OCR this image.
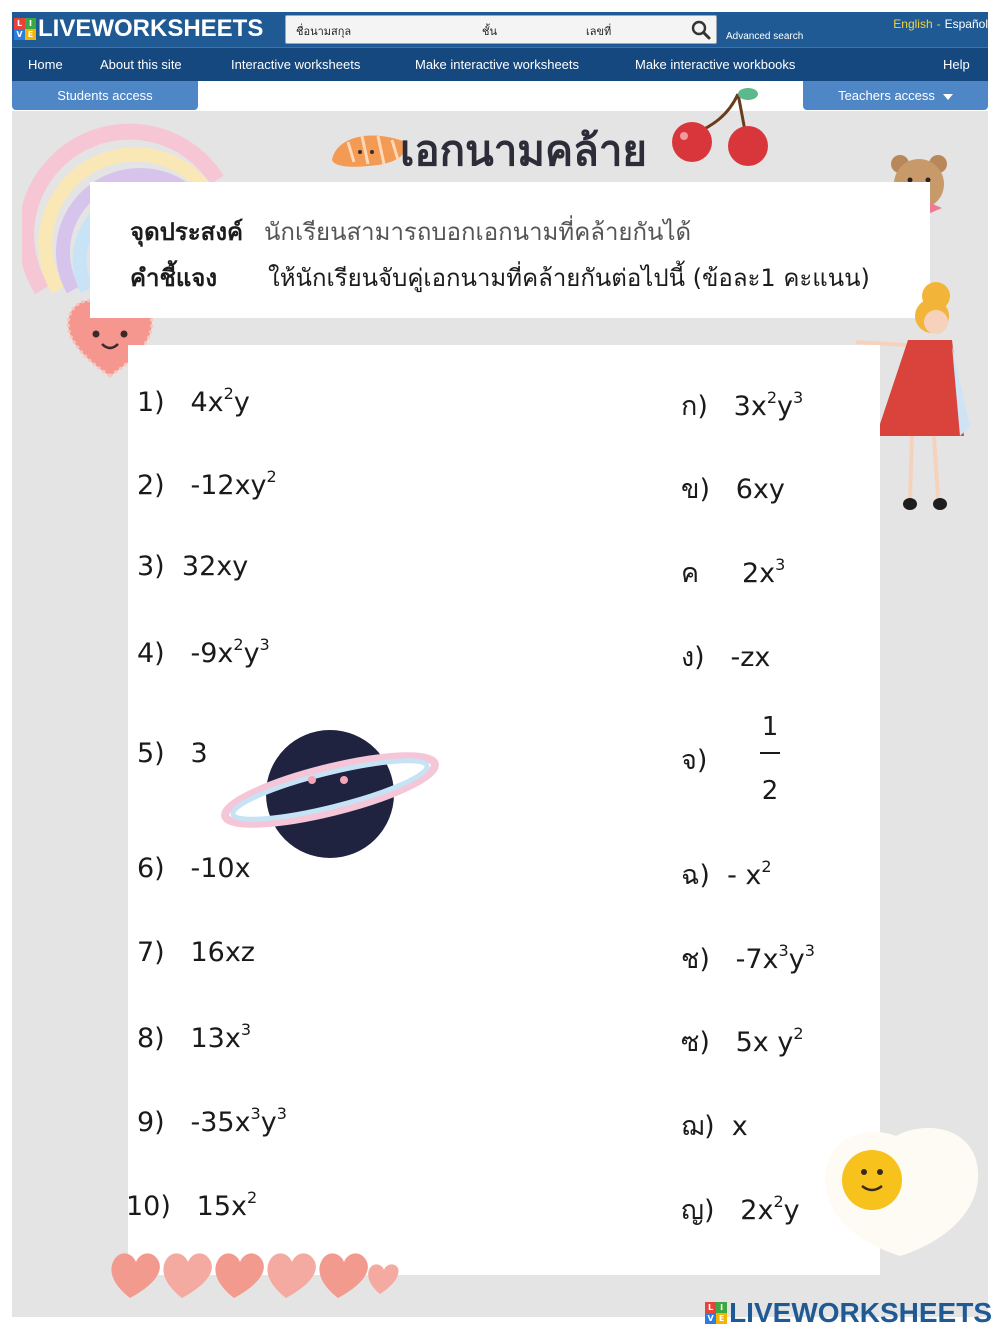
L I
V E LIVEWORKSHEETS	ชื่อนามสกุล	ชั้น	เลขที่	Advanced search
English - Español
Home	About this site	Interactive worksheets	Make interactive worksheets	Make interactive workbooks	Help
Students access	Teachers access
เอกนามคล้าย
จุดประสงค์ นักเรียนสามารถบอกเอกนามที่คล้ายกันได้
คำชี้แจง ให้นักเรียนจับคู่เอกนามที่คล้ายกันต่อไปนี้ (ข้อละ1 คะแนน)
1) $4x^2y$
2) $-12xy^2$
3) 32xy
4) $-9x^2y^3$
5) 3
6) -10x
7) 16xz
8) $13x^3$
9) $-35x^3y^3$
10) $15x^2$
ก) $3x^2y^3$
ข) 6xy
ค $2x^3$
ง) -zx
จ)
1
2
ฉ) - $x^2$
ช) $-7x^3y^3$
ซ) 5x $y^2$
ฌ) x
ญ) $2x^2y$
L I
V E LIVEWORKSHEETS
